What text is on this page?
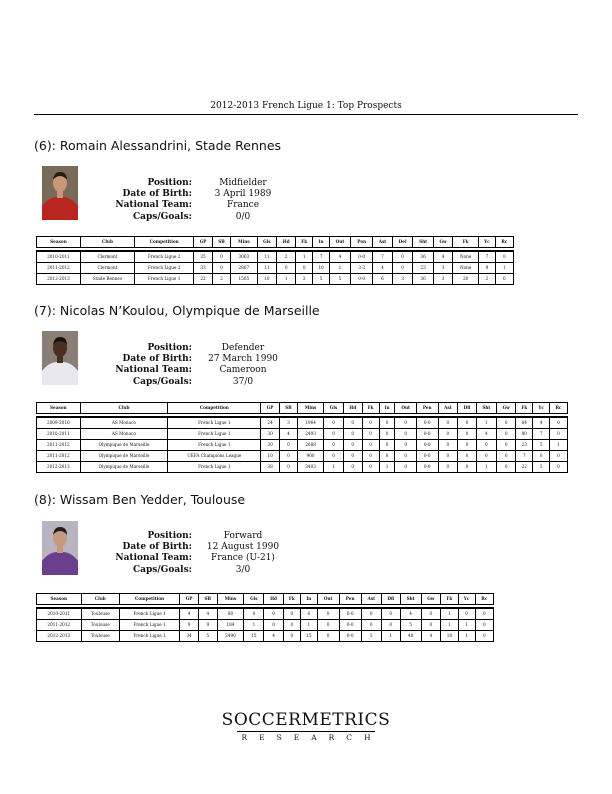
2012-2013 French Ligue 1: Top Prospects
(6): Romain Alessandrini, Stade Rennes
Position:	Midfielder
Date of Birth:	3 April 1989
National Team:	France
Caps/Goals:	0/0
Season	Club	Competition	GP	SB	Mins	Gls	Hd	Fk	In	Out	Pen	Ast	Del	Sht	Gw	Fk	Yc	Rc

2010-2011	Clermont	French Ligue 2	35	0	3063	11	2	1	7	4	0-0	7	0	36	4	None	7	0
2011-2012	Clermont	French Ligue 2	33	0	2867	11	0	0	10	1	3-3	4	0	23	3	None	9	1
2012-2013	Stade Rennes	French Ligue 1	22	2	1565	10	1	2	5	5	0-0	6	3	36	3	20	2	0
(7): Nicolas N’Koulou, Olympique de Marseille
Position:	Defender
Date of Birth:	27 March 1990
National Team:	Cameroon
Caps/Goals:	37/0
Season	Club	Competition	GP	SB	Mins	Gls	Hd	Fk	In	Out	Pen	Ast	Dfl	Sht	Gw	Fk	Yc	Rc

2009-2010	AS Monaco	French Ligue 1	24	3	1964	0	0	0	0	0	0-0	0	0	1	0	64	4	0
2010-2011	AS Monaco	French Ligue 1	30	4	2493	0	0	0	0	0	0-0	0	0	4	0	80	7	0
2011-2012	Olympique de Marseille	French Ligue 1	30	0	2688	0	0	0	0	0	0-0	0	0	0	0	23	5	1
2011-2012	Olympique de Marseille	UEFA Champions League	10	0	900	0	0	0	0	0	0-0	0	0	0	0	7	0	0
2012-2013	Olympique de Marseille	French Ligue 1	38	0	3403	1	0	0	1	0	0-0	0	0	1	0	22	5	0
(8): Wissam Ben Yedder, Toulouse
Position:	Forward
Date of Birth:	12 August 1990
National Team:	France (U-21)
Caps/Goals:	3/0
Season	Club	Competition	GP	SB	Mins	Gls	Hd	Fk	In	Out	Pen	Ast	Dfl	Sht	Gw	Fk	Yc	Rc

2010-2011	Toulouse	French Ligue 1	4	4	80	0	0	0	0	0	0-0	0	0	4	0	1	0	0
2011-2012	Toulouse	French Ligue 1	9	9	184	1	0	0	1	0	0-0	0	0	5	0	1	1	0
2012-2013	Toulouse	French Ligue 1	34	5	2490	15	4	0	15	0	0-0	5	1	48	4	18	1	0
SOCCERMETRICS
RESEARCH
